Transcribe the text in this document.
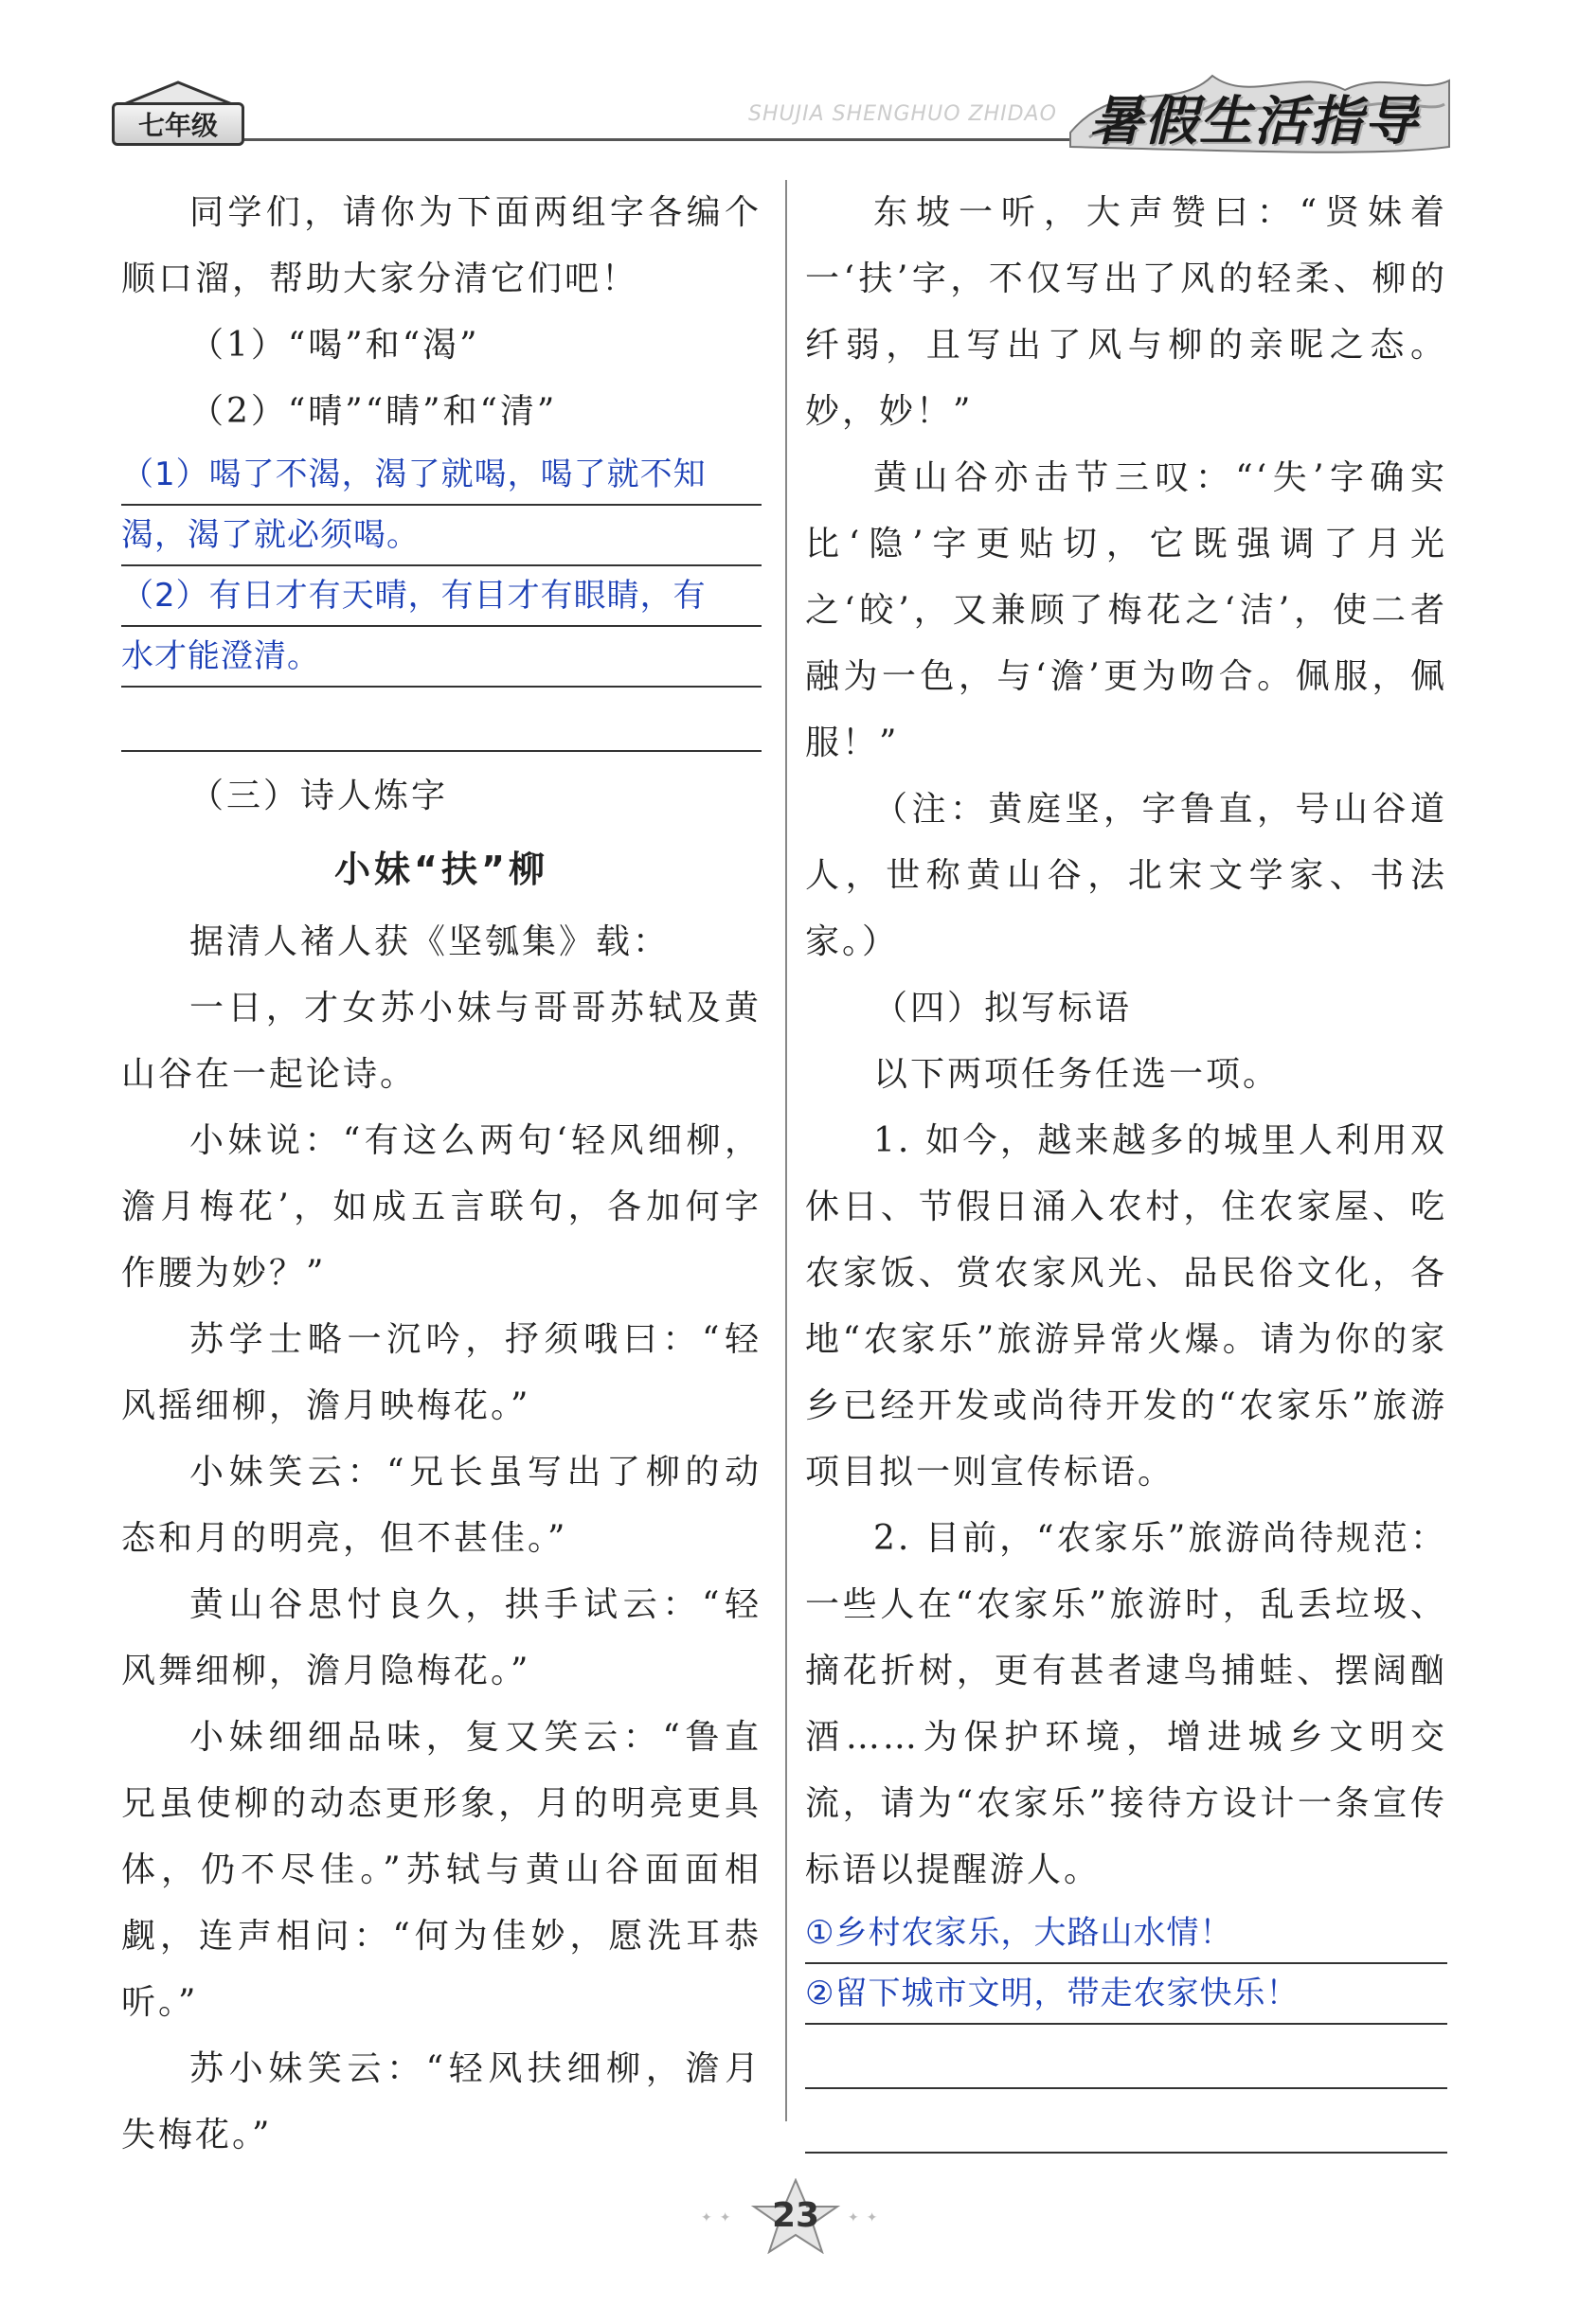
七年级	SHUJIA SHENGHUO ZHIDAO 暑假生活指导

同学们，请你为下面两组字各编个顺口溜，帮助大家分清它们吧！

（1）“喝”和“渴”

（2）“晴”“睛”和“清”

（1）喝了不渴，渴了就喝，喝了就不知
渴，渴了就必须喝。
（2）有日才有天晴，有目才有眼睛，有
水才能澄清。

（三）诗人炼字

小妹“扶”柳

据清人褚人获《坚瓠集》载：

一日，才女苏小妹与哥哥苏轼及黄山谷在一起论诗。

小妹说：“有这么两句‘轻风细柳，澹月梅花’，如成五言联句，各加何字作腰为妙？”

苏学士略一沉吟，抒须哦曰：“轻风摇细柳，澹月映梅花。”

小妹笑云：“兄长虽写出了柳的动态和月的明亮，但不甚佳。”

黄山谷思忖良久，拱手试云：“轻风舞细柳，澹月隐梅花。”

小妹细细品味，复又笑云：“鲁直兄虽使柳的动态更形象，月的明亮更具体，仍不尽佳。”苏轼与黄山谷面面相觑，连声相问：“何为佳妙，愿洗耳恭听。”

苏小妹笑云：“轻风扶细柳，澹月失梅花。”

东坡一听，大声赞曰：“贤妹着一‘扶’字，不仅写出了风的轻柔、柳的纤弱，且写出了风与柳的亲昵之态。妙，妙！”

黄山谷亦击节三叹：“‘失’字确实比‘隐’字更贴切，它既强调了月光之‘皎’，又兼顾了梅花之‘洁’，使二者融为一色，与‘澹’更为吻合。佩服，佩服！”

（注：黄庭坚，字鲁直，号山谷道人，世称黄山谷，北宋文学家、书法家。）

（四）拟写标语

以下两项任务任选一项。

1. 如今，越来越多的城里人利用双休日、节假日涌入农村，住农家屋、吃农家饭、赏农家风光、品民俗文化，各地“农家乐”旅游异常火爆。请为你的家乡已经开发或尚待开发的“农家乐”旅游项目拟一则宣传标语。

2. 目前，“农家乐”旅游尚待规范：一些人在“农家乐”旅游时，乱丢垃圾、摘花折树，更有甚者逮鸟捕蛙、摆阔酗酒……为保护环境，增进城乡文明交流，请为“农家乐”接待方设计一条宣传标语以提醒游人。

①乡村农家乐，大路山水情！
②留下城市文明，带走农家快乐！
23
✦✦	✦✦
